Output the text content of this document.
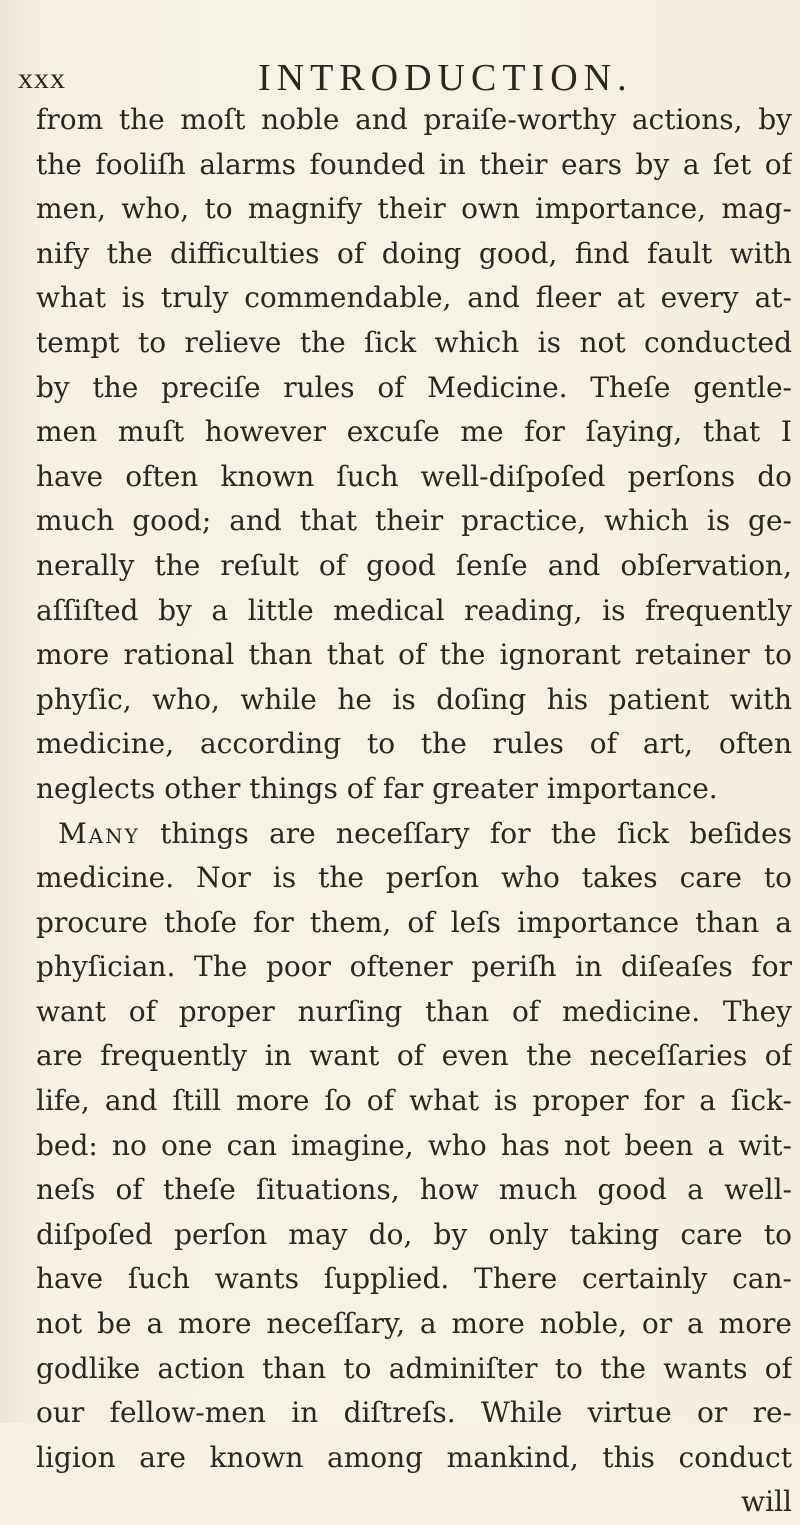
xxx	INTRODUCTION.
from the moſt noble and praiſe-worthy actions, by
the fooliſh alarms founded in their ears by a ſet of
men, who, to magnify their own importance, mag-
nify the difficulties of doing good, find fault with
what is truly commendable, and fleer at every at-
tempt to relieve the ſick which is not conducted
by the preciſe rules of Medicine. Theſe gentle-
men muſt however excuſe me for ſaying, that I
have often known ſuch well-diſpoſed perſons do
much good; and that their practice, which is ge-
nerally the reſult of good ſenſe and obſervation,
aſſiſted by a little medical reading, is frequently
more rational than that of the ignorant retainer to
phyſic, who, while he is doſing his patient with
medicine, according to the rules of art, often
neglects other things of far greater importance.
Many things are neceſſary for the ſick beſides
medicine. Nor is the perſon who takes care to
procure thoſe for them, of leſs importance than a
phyſician. The poor oftener periſh in diſeaſes for
want of proper nurſing than of medicine. They
are frequently in want of even the neceſſaries of
life, and ſtill more ſo of what is proper for a ſick-
bed: no one can imagine, who has not been a wit-
neſs of theſe ſituations, how much good a well-
diſpoſed perſon may do, by only taking care to
have ſuch wants ſupplied. There certainly can-
not be a more neceſſary, a more noble, or a more
godlike action than to adminiſter to the wants of
our fellow-men in diſtreſs. While virtue or re-
ligion are known among mankind, this conduct
will
